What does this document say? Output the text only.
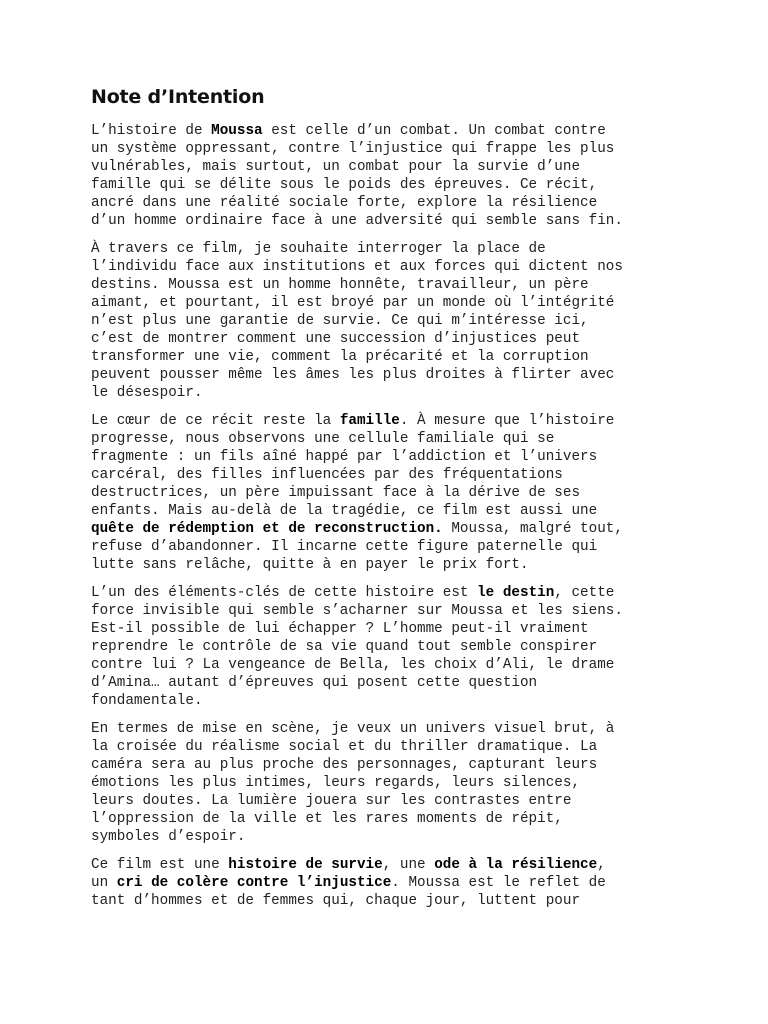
Note d’Intention

L’histoire de Moussa est celle d’un combat. Un combat contre
un système oppressant, contre l’injustice qui frappe les plus
vulnérables, mais surtout, un combat pour la survie d’une
famille qui se délite sous le poids des épreuves. Ce récit,
ancré dans une réalité sociale forte, explore la résilience
d’un homme ordinaire face à une adversité qui semble sans fin.

À travers ce film, je souhaite interroger la place de
l’individu face aux institutions et aux forces qui dictent nos
destins. Moussa est un homme honnête, travailleur, un père
aimant, et pourtant, il est broyé par un monde où l’intégrité
n’est plus une garantie de survie. Ce qui m’intéresse ici,
c’est de montrer comment une succession d’injustices peut
transformer une vie, comment la précarité et la corruption
peuvent pousser même les âmes les plus droites à flirter avec
le désespoir.

Le cœur de ce récit reste la famille. À mesure que l’histoire
progresse, nous observons une cellule familiale qui se
fragmente : un fils aîné happé par l’addiction et l’univers
carcéral, des filles influencées par des fréquentations
destructrices, un père impuissant face à la dérive de ses
enfants. Mais au-delà de la tragédie, ce film est aussi une
quête de rédemption et de reconstruction. Moussa, malgré tout,
refuse d’abandonner. Il incarne cette figure paternelle qui
lutte sans relâche, quitte à en payer le prix fort.

L’un des éléments-clés de cette histoire est le destin, cette
force invisible qui semble s’acharner sur Moussa et les siens.
Est-il possible de lui échapper ? L’homme peut-il vraiment
reprendre le contrôle de sa vie quand tout semble conspirer
contre lui ? La vengeance de Bella, les choix d’Ali, le drame
d’Amina… autant d’épreuves qui posent cette question
fondamentale.

En termes de mise en scène, je veux un univers visuel brut, à
la croisée du réalisme social et du thriller dramatique. La
caméra sera au plus proche des personnages, capturant leurs
émotions les plus intimes, leurs regards, leurs silences,
leurs doutes. La lumière jouera sur les contrastes entre
l’oppression de la ville et les rares moments de répit,
symboles d’espoir.

Ce film est une histoire de survie, une ode à la résilience,
un cri de colère contre l’injustice. Moussa est le reflet de
tant d’hommes et de femmes qui, chaque jour, luttent pour
